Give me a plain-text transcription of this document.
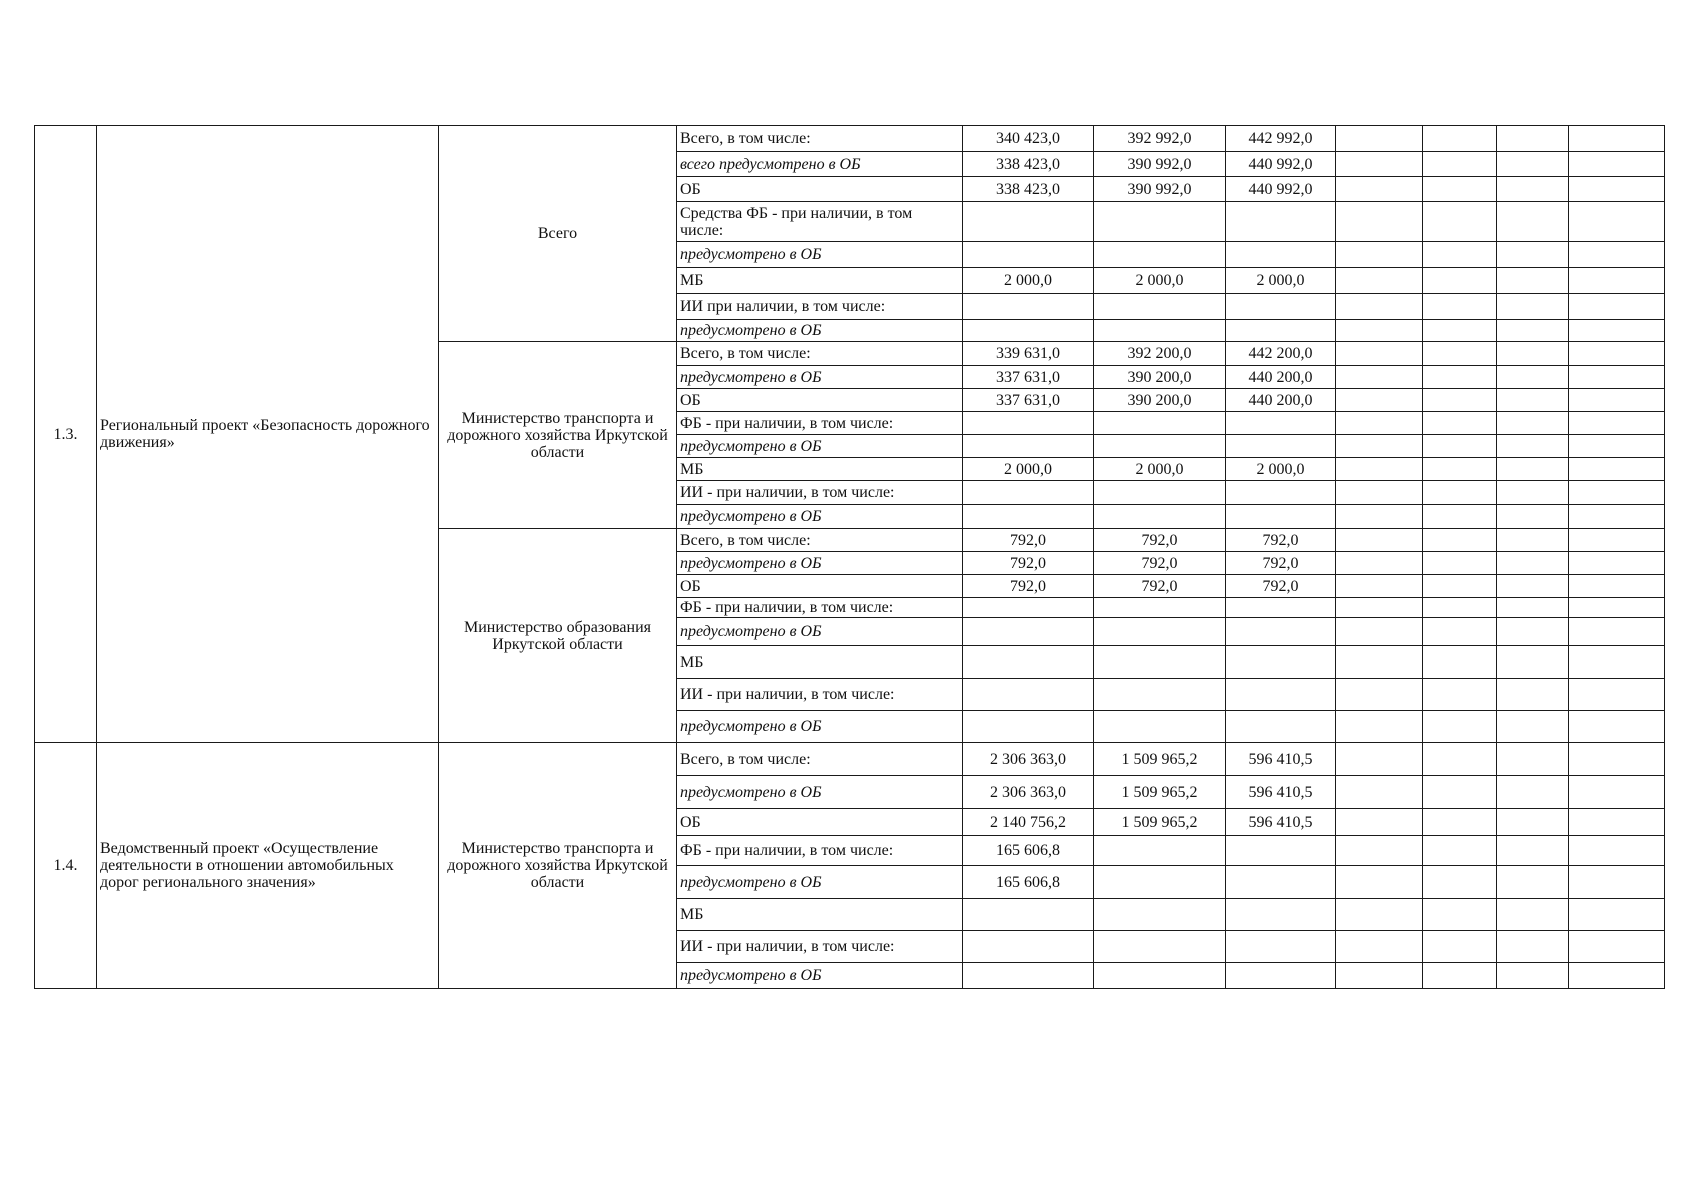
1.3.	Региональный проект «Безопасность дорожного движения»	Всего	Всего, в том числе:	340 423,0	392 992,0	442 992,0				
			всего предусмотрено в ОБ	338 423,0	390 992,0	440 992,0				
			ОБ	338 423,0	390 992,0	440 992,0				
			Средства ФБ - при наличии, в том числе:							
			предусмотрено в ОБ							
			МБ	2 000,0	2 000,0	2 000,0				
			ИИ при наличии, в том числе:							
			предусмотрено в ОБ							
		Министерство транспорта и дорожного хозяйства Иркутской области	Всего, в том числе:	339 631,0	392 200,0	442 200,0				
			предусмотрено в ОБ	337 631,0	390 200,0	440 200,0				
			ОБ	337 631,0	390 200,0	440 200,0				
			ФБ - при наличии, в том числе:							
			предусмотрено в ОБ							
			МБ	2 000,0	2 000,0	2 000,0				
			ИИ - при наличии, в том числе:							
			предусмотрено в ОБ							
		Министерство образования Иркутской области	Всего, в том числе:	792,0	792,0	792,0				
			предусмотрено в ОБ	792,0	792,0	792,0				
			ОБ	792,0	792,0	792,0				
			ФБ - при наличии, в том числе:							
			предусмотрено в ОБ							
			МБ							
			ИИ - при наличии, в том числе:							
			предусмотрено в ОБ							
1.4.	Ведомственный проект «Осуществление деятельности в отношении автомобильных дорог регионального значения»	Министерство транспорта и дорожного хозяйства Иркутской области	Всего, в том числе:	2 306 363,0	1 509 965,2	596 410,5				
			предусмотрено в ОБ	2 306 363,0	1 509 965,2	596 410,5				
			ОБ	2 140 756,2	1 509 965,2	596 410,5				
			ФБ - при наличии, в том числе:	165 606,8						
			предусмотрено в ОБ	165 606,8						
			МБ							
			ИИ - при наличии, в том числе:							
			предусмотрено в ОБ							
